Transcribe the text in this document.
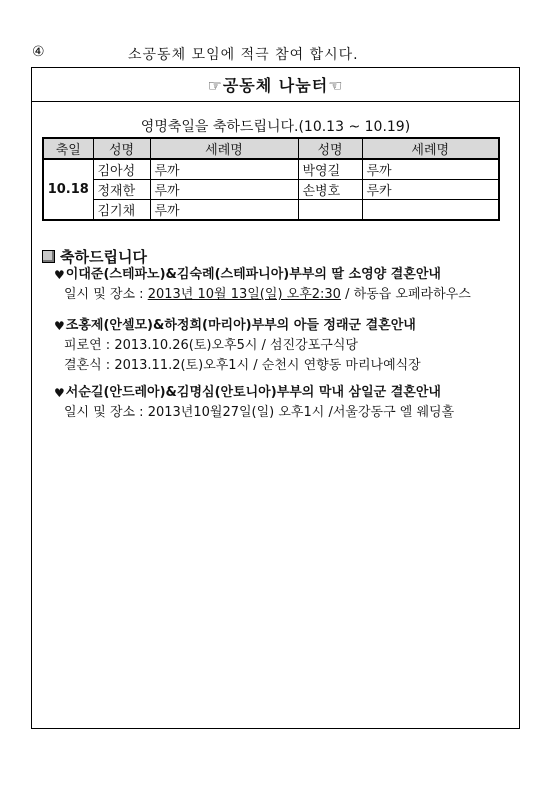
④	소공동체 모임에 적극 참여 합시다.
☞공동체 나눔터☜
영명축일을 축하드립니다.(10.13 ~ 10.19)
축일	성명	세례명	성명	세례명
10.18	김아성	루까	박영길	루까
	정재한	루까	손병호	루카
	김기채	루까		
축하드립니다
♥ 이대준(스테파노)&김숙례(스테파니아)부부의 딸 소영양 결혼안내
일시 및 장소 : 2013년 10월 13일(일) 오후2:30 / 하동읍 오페라하우스
♥ 조홍제(안셀모)&하정희(마리아)부부의 아들 정래군 결혼안내
피로연 : 2013.10.26(토)오후5시 / 섬진강포구식당
결혼식 : 2013.11.2(토)오후1시 / 순천시 연향동 마리나예식장
♥ 서순길(안드레아)&김명심(안토니아)부부의 막내 삼일군 결혼안내
일시 및 장소 : 2013년10월27일(일) 오후1시 /서울강동구 엘 웨딩홀
